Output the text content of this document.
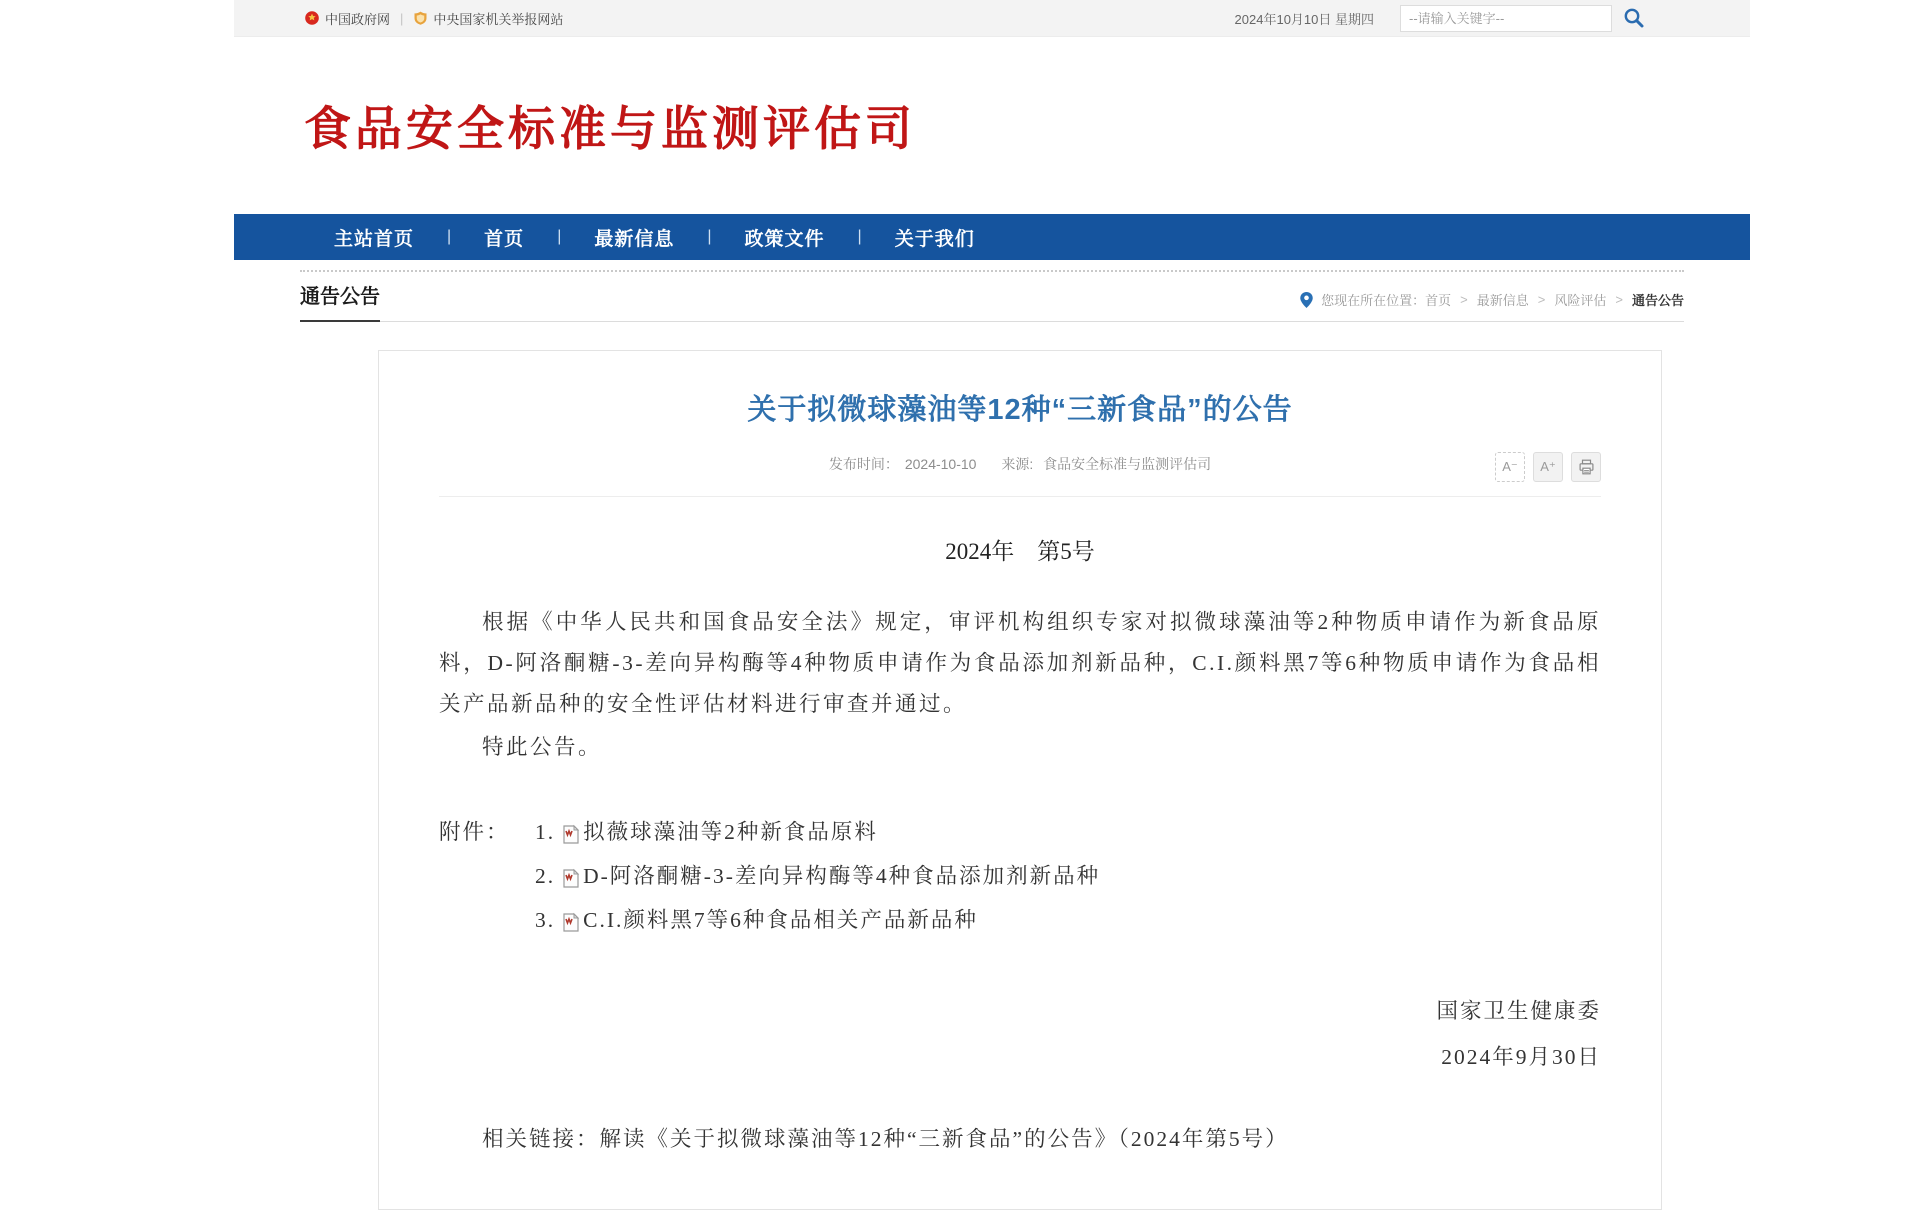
中国政府网 | 中央国家机关举报网站	2024年10月10日 星期四
--请输入关键字--
食品安全标准与监测评估司
主站首页 | 首页 | 最新信息 | 政策文件 | 关于我们
通告公告	您现在所在位置： 首页 > 最新信息 > 风险评估 > 通告公告
关于拟微球藻油等12种“三新食品”的公告
发布时间： 2024-10-10 来源: 食品安全标准与监测评估司	A⁻	A⁺
2024年　第5号
根据《中华人民共和国食品安全法》规定，审评机构组织专家对拟微球藻油等2种物质申请作为新食品原料，D-阿洛酮糖-3-差向异构酶等4种物质申请作为食品添加剂新品种，C.I.颜料黑7等6种物质申请作为食品相关产品新品种的安全性评估材料进行审查并通过。
特此公告。
附件：	1. 拟薇球藻油等2种新食品原料
2. D-阿洛酮糖-3-差向异构酶等4种食品添加剂新品种
3. C.I.颜料黑7等6种食品相关产品新品种
国家卫生健康委
2024年9月30日
相关链接：解读《关于拟微球藻油等12种“三新食品”的公告》（2024年第5号）
